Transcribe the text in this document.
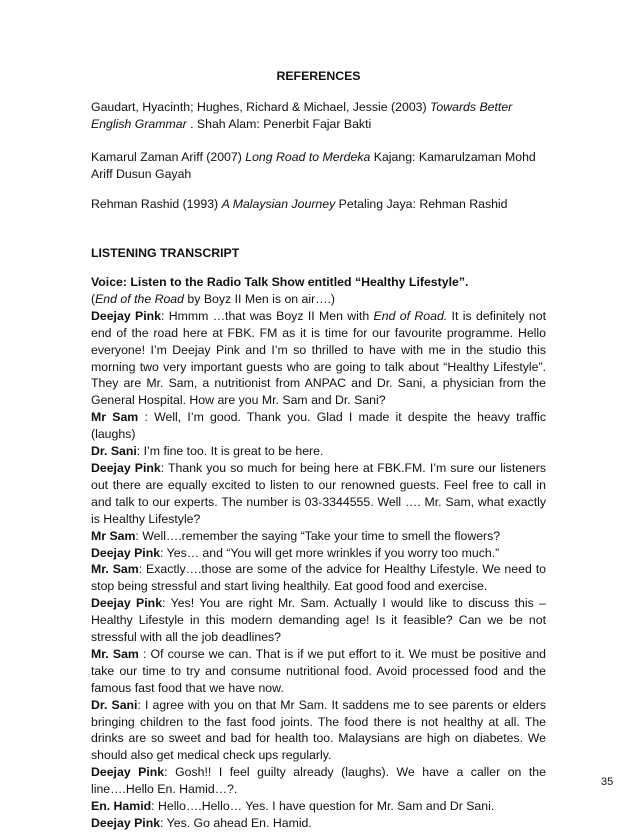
REFERENCES
Gaudart, Hyacinth; Hughes, Richard & Michael, Jessie (2003) Towards Better English Grammar . Shah Alam: Penerbit Fajar Bakti
Kamarul Zaman Ariff (2007) Long Road to Merdeka Kajang: Kamarulzaman Mohd Ariff Dusun Gayah
Rehman Rashid (1993) A Malaysian Journey Petaling Jaya: Rehman Rashid
LISTENING TRANSCRIPT

Voice: Listen to the Radio Talk Show entitled “Healthy Lifestyle”.

(End of the Road by Boyz II Men is on air….)

Deejay Pink: Hmmm …that was Boyz II Men with End of Road. It is definitely not end of the road here at FBK. FM as it is time for our favourite programme. Hello everyone! I’m Deejay Pink and I’m so thrilled to have with me in the studio this morning two very important guests who are going to talk about “Healthy Lifestyle”. They are Mr. Sam, a nutritionist from ANPAC and Dr. Sani, a physician from the General Hospital. How are you Mr. Sam and Dr. Sani?

Mr Sam : Well, I’m good. Thank you. Glad I made it despite the heavy traffic (laughs)

Dr. Sani: I’m fine too. It is great to be here.

Deejay Pink: Thank you so much for being here at FBK.FM. I’m sure our listeners out there are equally excited to listen to our renowned guests. Feel free to call in and talk to our experts. The number is 03-3344555. Well …. Mr. Sam, what exactly is Healthy Lifestyle?

Mr Sam: Well….remember the saying “Take your time to smell the flowers?

Deejay Pink: Yes… and “You will get more wrinkles if you worry too much.”

Mr. Sam: Exactly….those are some of the advice for Healthy Lifestyle. We need to stop being stressful and start living healthily. Eat good food and exercise.

Deejay Pink: Yes! You are right Mr. Sam. Actually I would like to discuss this – Healthy Lifestyle in this modern demanding age! Is it feasible? Can we be not stressful with all the job deadlines?

Mr. Sam : Of course we can. That is if we put effort to it. We must be positive and take our time to try and consume nutritional food. Avoid processed food and the famous fast food that we have now.

Dr. Sani: I agree with you on that Mr Sam. It saddens me to see parents or elders bringing children to the fast food joints. The food there is not healthy at all. The drinks are so sweet and bad for health too. Malaysians are high on diabetes. We should also get medical check ups regularly.

Deejay Pink: Gosh!! I feel guilty already (laughs). We have a caller on the line….Hello En. Hamid…?.

En. Hamid: Hello….Hello… Yes. I have question for Mr. Sam and Dr Sani.

Deejay Pink: Yes. Go ahead En. Hamid.

35
